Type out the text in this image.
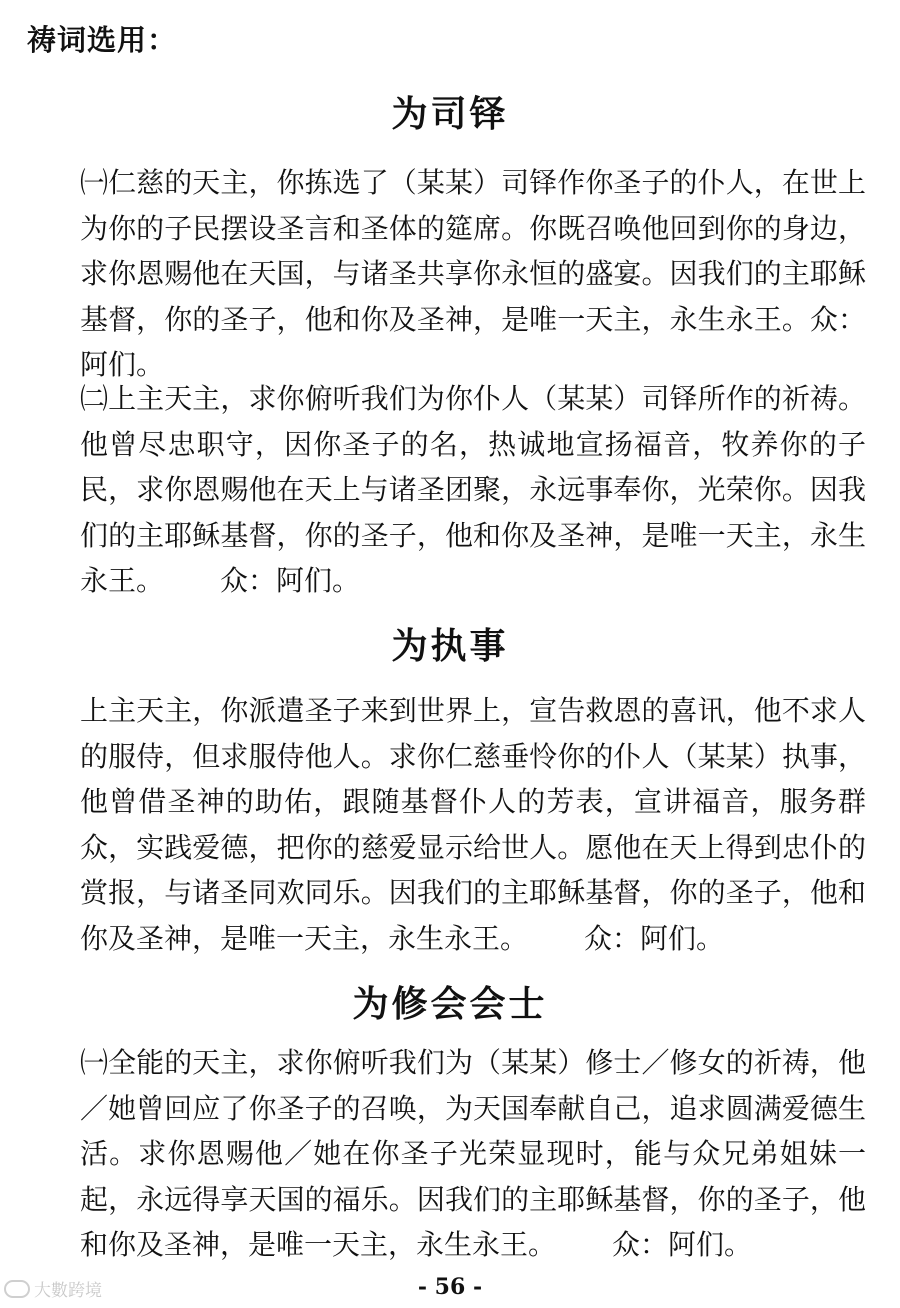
祷词选用：
为司铎
㈠仁慈的天主，你拣选了（某某）司铎作你圣子的仆人，在世上为你的子民摆设圣言和圣体的筵席。你既召唤他回到你的身边，求你恩赐他在天国，与诸圣共享你永恒的盛宴。因我们的主耶稣基督，你的圣子，他和你及圣神，是唯一天主，永生永王。众：阿们。
㈡上主天主，求你俯听我们为你仆人（某某）司铎所作的祈祷。他曾尽忠职守，因你圣子的名，热诚地宣扬福音，牧养你的子民，求你恩赐他在天上与诸圣团聚，永远事奉你，光荣你。因我们的主耶稣基督，你的圣子，他和你及圣神，是唯一天主，永生永王。 众：阿们。
为执事
上主天主，你派遣圣子来到世界上，宣告救恩的喜讯，他不求人的服侍，但求服侍他人。求你仁慈垂怜你的仆人（某某）执事，他曾借圣神的助佑，跟随基督仆人的芳表，宣讲福音，服务群众，实践爱德，把你的慈爱显示给世人。愿他在天上得到忠仆的赏报，与诸圣同欢同乐。因我们的主耶稣基督，你的圣子，他和你及圣神，是唯一天主，永生永王。 众：阿们。
为修会会士
㈠全能的天主，求你俯听我们为（某某）修士／修女的祈祷，他／她曾回应了你圣子的召唤，为天国奉献自己，追求圆满爱德生活。求你恩赐他／她在你圣子光荣显现时，能与众兄弟姐妹一起，永远得享天国的福乐。因我们的主耶稣基督，你的圣子，他和你及圣神，是唯一天主，永生永王。 众：阿们。
- 56 -
大數跨境
